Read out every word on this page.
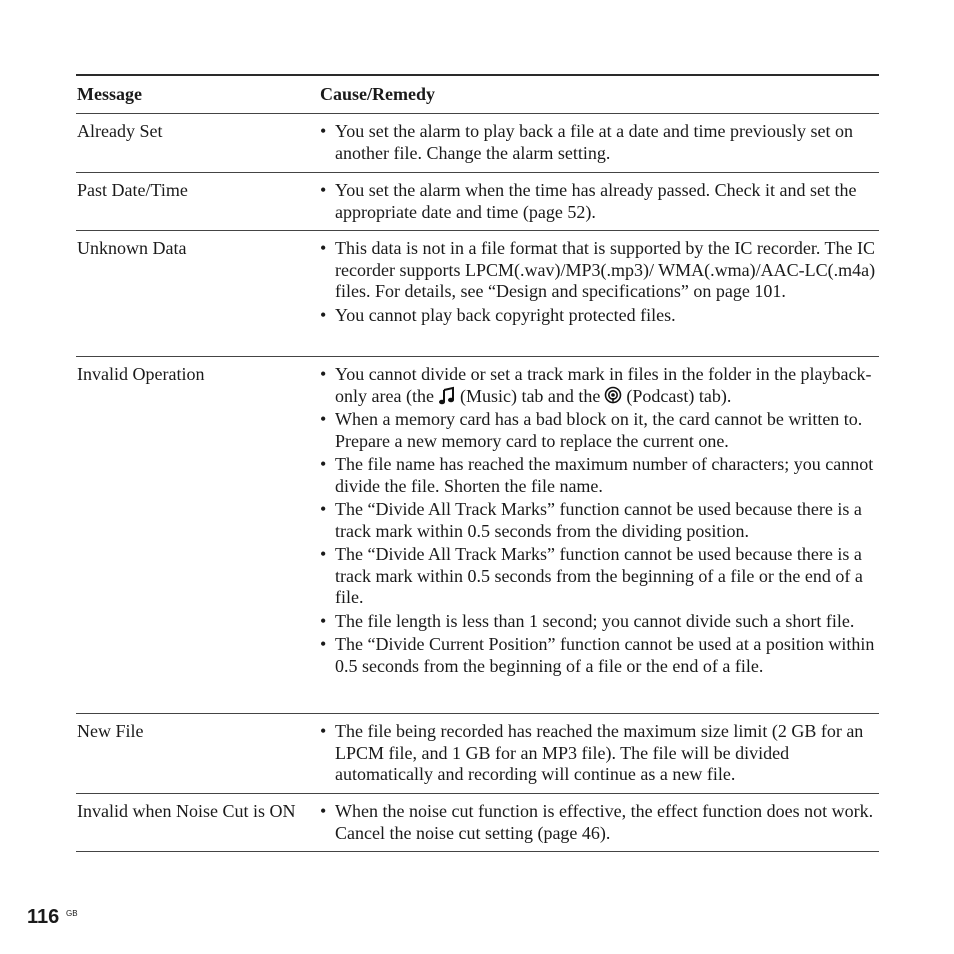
Message	Cause/Remedy
Already Set	• You set the alarm to play back a file at a date and time previously set on another file. Change the alarm setting.
Past Date/Time	• You set the alarm when the time has already passed. Check it and set the appropriate date and time (page 52).
Unknown Data	• This data is not in a file format that is supported by the IC recorder. The IC recorder supports LPCM(.wav)/MP3(.mp3)/ WMA(.wma)/AAC-LC(.m4a) files. For details, see “Design and specifications” on page 101.
• You cannot play back copyright protected files.
Invalid Operation	• You cannot divide or set a track mark in files in the folder in the playback-only area (the (Music) tab and the (Podcast) tab).
• When a memory card has a bad block on it, the card cannot be written to. Prepare a new memory card to replace the current one.
• The file name has reached the maximum number of characters; you cannot divide the file. Shorten the file name.
• The “Divide All Track Marks” function cannot be used because there is a track mark within 0.5 seconds from the dividing position.
• The “Divide All Track Marks” function cannot be used because there is a track mark within 0.5 seconds from the beginning of a file or the end of a file.
• The file length is less than 1 second; you cannot divide such a short file.
• The “Divide Current Position” function cannot be used at a position within 0.5 seconds from the beginning of a file or the end of a file.
New File	• The file being recorded has reached the maximum size limit (2 GB for an LPCM file, and 1 GB for an MP3 file). The file will be divided automatically and recording will continue as a new file.
Invalid when Noise Cut is ON	• When the noise cut function is effective, the effect function does not work. Cancel the noise cut setting (page 46).
116 GB
